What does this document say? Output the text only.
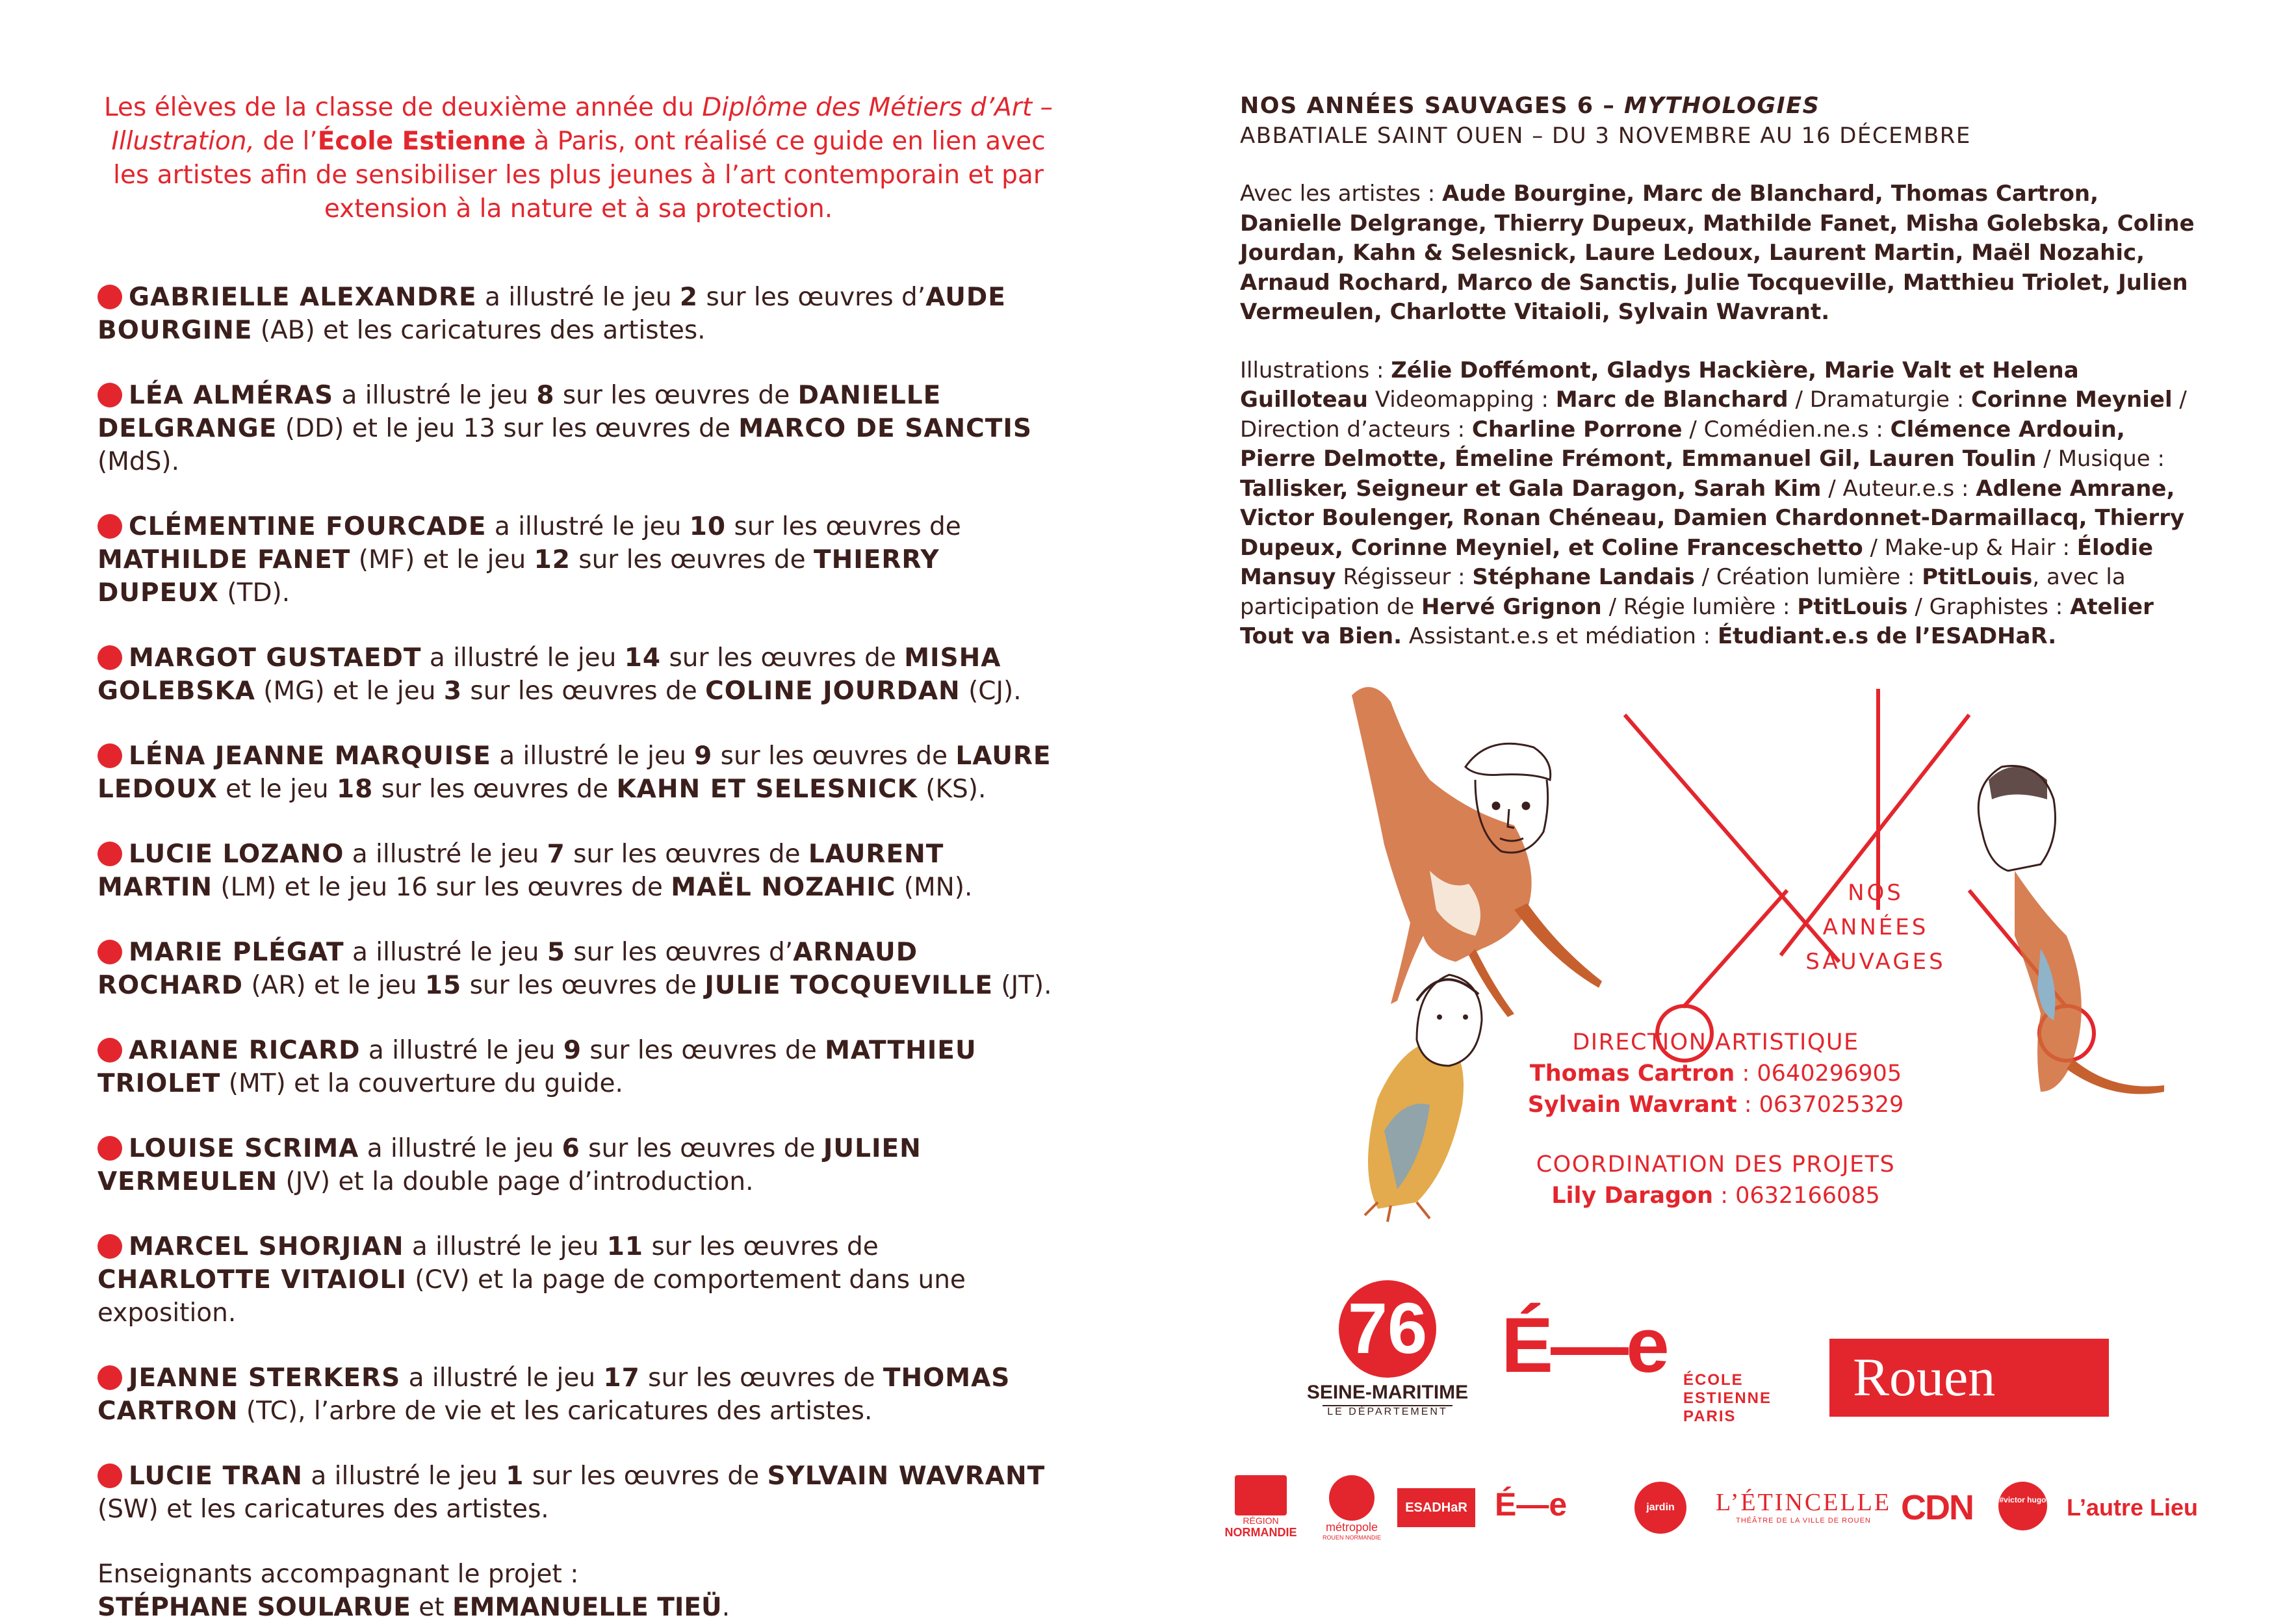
Les élèves de la classe de deuxième année du Diplôme des Métiers d’Art – Illustration, de l’École Estienne à Paris, ont réalisé ce guide en lien avec les artistes afin de sensibiliser les plus jeunes à l’art contemporain et par extension à la nature et à sa protection.

GABRIELLE ALEXANDRE a illustré le jeu 2 sur les œuvres d’AUDE BOURGINE (AB) et les caricatures des artistes.

LÉA ALMÉRAS a illustré le jeu 8 sur les œuvres de DANIELLE DELGRANGE (DD) et le jeu 13 sur les œuvres de MARCO DE SANCTIS (MdS).

CLÉMENTINE FOURCADE a illustré le jeu 10 sur les œuvres de MATHILDE FANET (MF) et le jeu 12 sur les œuvres de THIERRY DUPEUX (TD).

MARGOT GUSTAEDT a illustré le jeu 14 sur les œuvres de MISHA GOLEBSKA (MG) et le jeu 3 sur les œuvres de COLINE JOURDAN (CJ).

LÉNA JEANNE MARQUISE a illustré le jeu 9 sur les œuvres de LAURE LEDOUX et le jeu 18 sur les œuvres de KAHN ET SELESNICK (KS).

LUCIE LOZANO a illustré le jeu 7 sur les œuvres de LAURENT MARTIN (LM) et le jeu 16 sur les œuvres de MAËL NOZAHIC (MN).

MARIE PLÉGAT a illustré le jeu 5 sur les œuvres d’ARNAUD ROCHARD (AR) et le jeu 15 sur les œuvres de JULIE TOCQUEVILLE (JT).

ARIANE RICARD a illustré le jeu 9 sur les œuvres de MATTHIEU TRIOLET (MT) et la couverture du guide.

LOUISE SCRIMA a illustré le jeu 6 sur les œuvres de JULIEN VERMEULEN (JV) et la double page d’introduction.

MARCEL SHORJIAN a illustré le jeu 11 sur les œuvres de CHARLOTTE VITAIOLI (CV) et la page de comportement dans une exposition.

JEANNE STERKERS a illustré le jeu 17 sur les œuvres de THOMAS CARTRON (TC), l’arbre de vie et les caricatures des artistes.

LUCIE TRAN a illustré le jeu 1 sur les œuvres de SYLVAIN WAVRANT (SW) et les caricatures des artistes.

Enseignants accompagnant le projet :
STÉPHANE SOULARUE et EMMANUELLE TIEÜ.

NOS ANNÉES SAUVAGES 6 – MYTHOLOGIES

ABBATIALE SAINT OUEN – DU 3 NOVEMBRE AU 16 DÉCEMBRE

Avec les artistes : Aude Bourgine, Marc de Blanchard, Thomas Cartron, Danielle Delgrange, Thierry Dupeux, Mathilde Fanet, Misha Golebska, Coline Jourdan, Kahn & Selesnick, Laure Ledoux, Laurent Martin, Maël Nozahic, Arnaud Rochard, Marco de Sanctis, Julie Tocqueville, Matthieu Triolet, Julien Vermeulen, Charlotte Vitaioli, Sylvain Wavrant.

Illustrations : Zélie Doffémont, Gladys Hackière, Marie Valt et Helena Guilloteau Videomapping : Marc de Blanchard / Dramaturgie : Corinne Meyniel / Direction d’acteurs : Charline Porrone / Comédien.ne.s : Clémence Ardouin, Pierre Delmotte, Émeline Frémont, Emmanuel Gil, Lauren Toulin / Musique : Tallisker, Seigneur et Gala Daragon, Sarah Kim / Auteur.e.s : Adlene Amrane, Victor Boulenger, Ronan Chéneau, Damien Chardonnet-Darmaillacq, Thierry Dupeux, Corinne Meyniel, et Coline Franceschetto / Make-up & Hair : Élodie Mansuy Régisseur : Stéphane Landais / Création lumière : PtitLouis, avec la participation de Hervé Grignon / Régie lumière : PtitLouis / Graphistes : Atelier Tout va Bien. Assistant.e.s et médiation : Étudiant.e.s de l’ESADHaR.

NOS
ANNÉES
SAUVAGES
DIRECTION ARTISTIQUE
Thomas Cartron : 0640296905
Sylvain Wavrant : 0637025329
COORDINATION DES PROJETS
Lily Daragon : 0632166085
76
SEINE-MARITIME
LE DÉPARTEMENT
É—e	ÉCOLE
ESTIENNE
PARIS
Rouen
RÉGION
NORMANDIE	métropole
ROUEN NORMANDIE
ESADHaR É—e	jardin	L’ÉTINCELLE
THÉÂTRE DE LA VILLE DE ROUEN CDN	#victor hugo L’autre Lieu
